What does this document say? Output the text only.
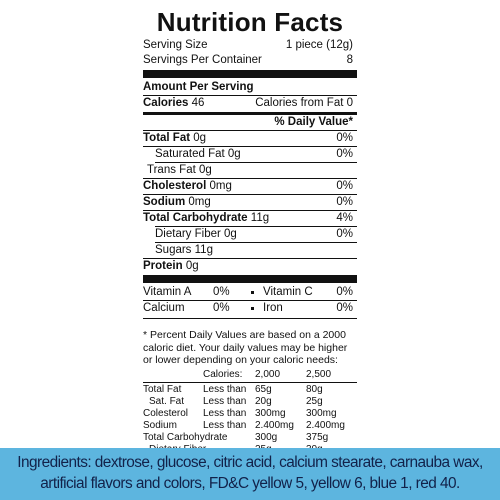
Nutrition Facts
Serving Size	1 piece (12g)
Servings Per Container	8
Amount Per Serving
Calories 46	Calories from Fat 0
% Daily Value*
Total Fat 0g	0%
Saturated Fat 0g	0%
Trans Fat 0g
Cholesterol 0mg	0%
Sodium 0mg	0%
Total Carbohydrate 11g	4%
Dietary Fiber 0g	0%
Sugars 11g
Protein 0g
Vitamin A 0%	Vitamin C 0%
Calcium 0%	Iron	0%
* Percent Daily Values are based on a 2000 caloric diet. Your daily values may be higher or lower depending on your caloric needs:
Calories: 2,000	2,500
Total Fat Less than 65g	80g
Sat. Fat Less than 20g	25g
Colesterol Less than 300mg 300mg
Sodium	Less than 2.400mg 2.400mg
Total Carbohydrate	300g	375g
Ingredients: dextrose, glucose, citric acid, calcium stearate, carnauba wax, artificial flavors and colors, FD&C yellow 5, yellow 6, blue 1, red 40.
